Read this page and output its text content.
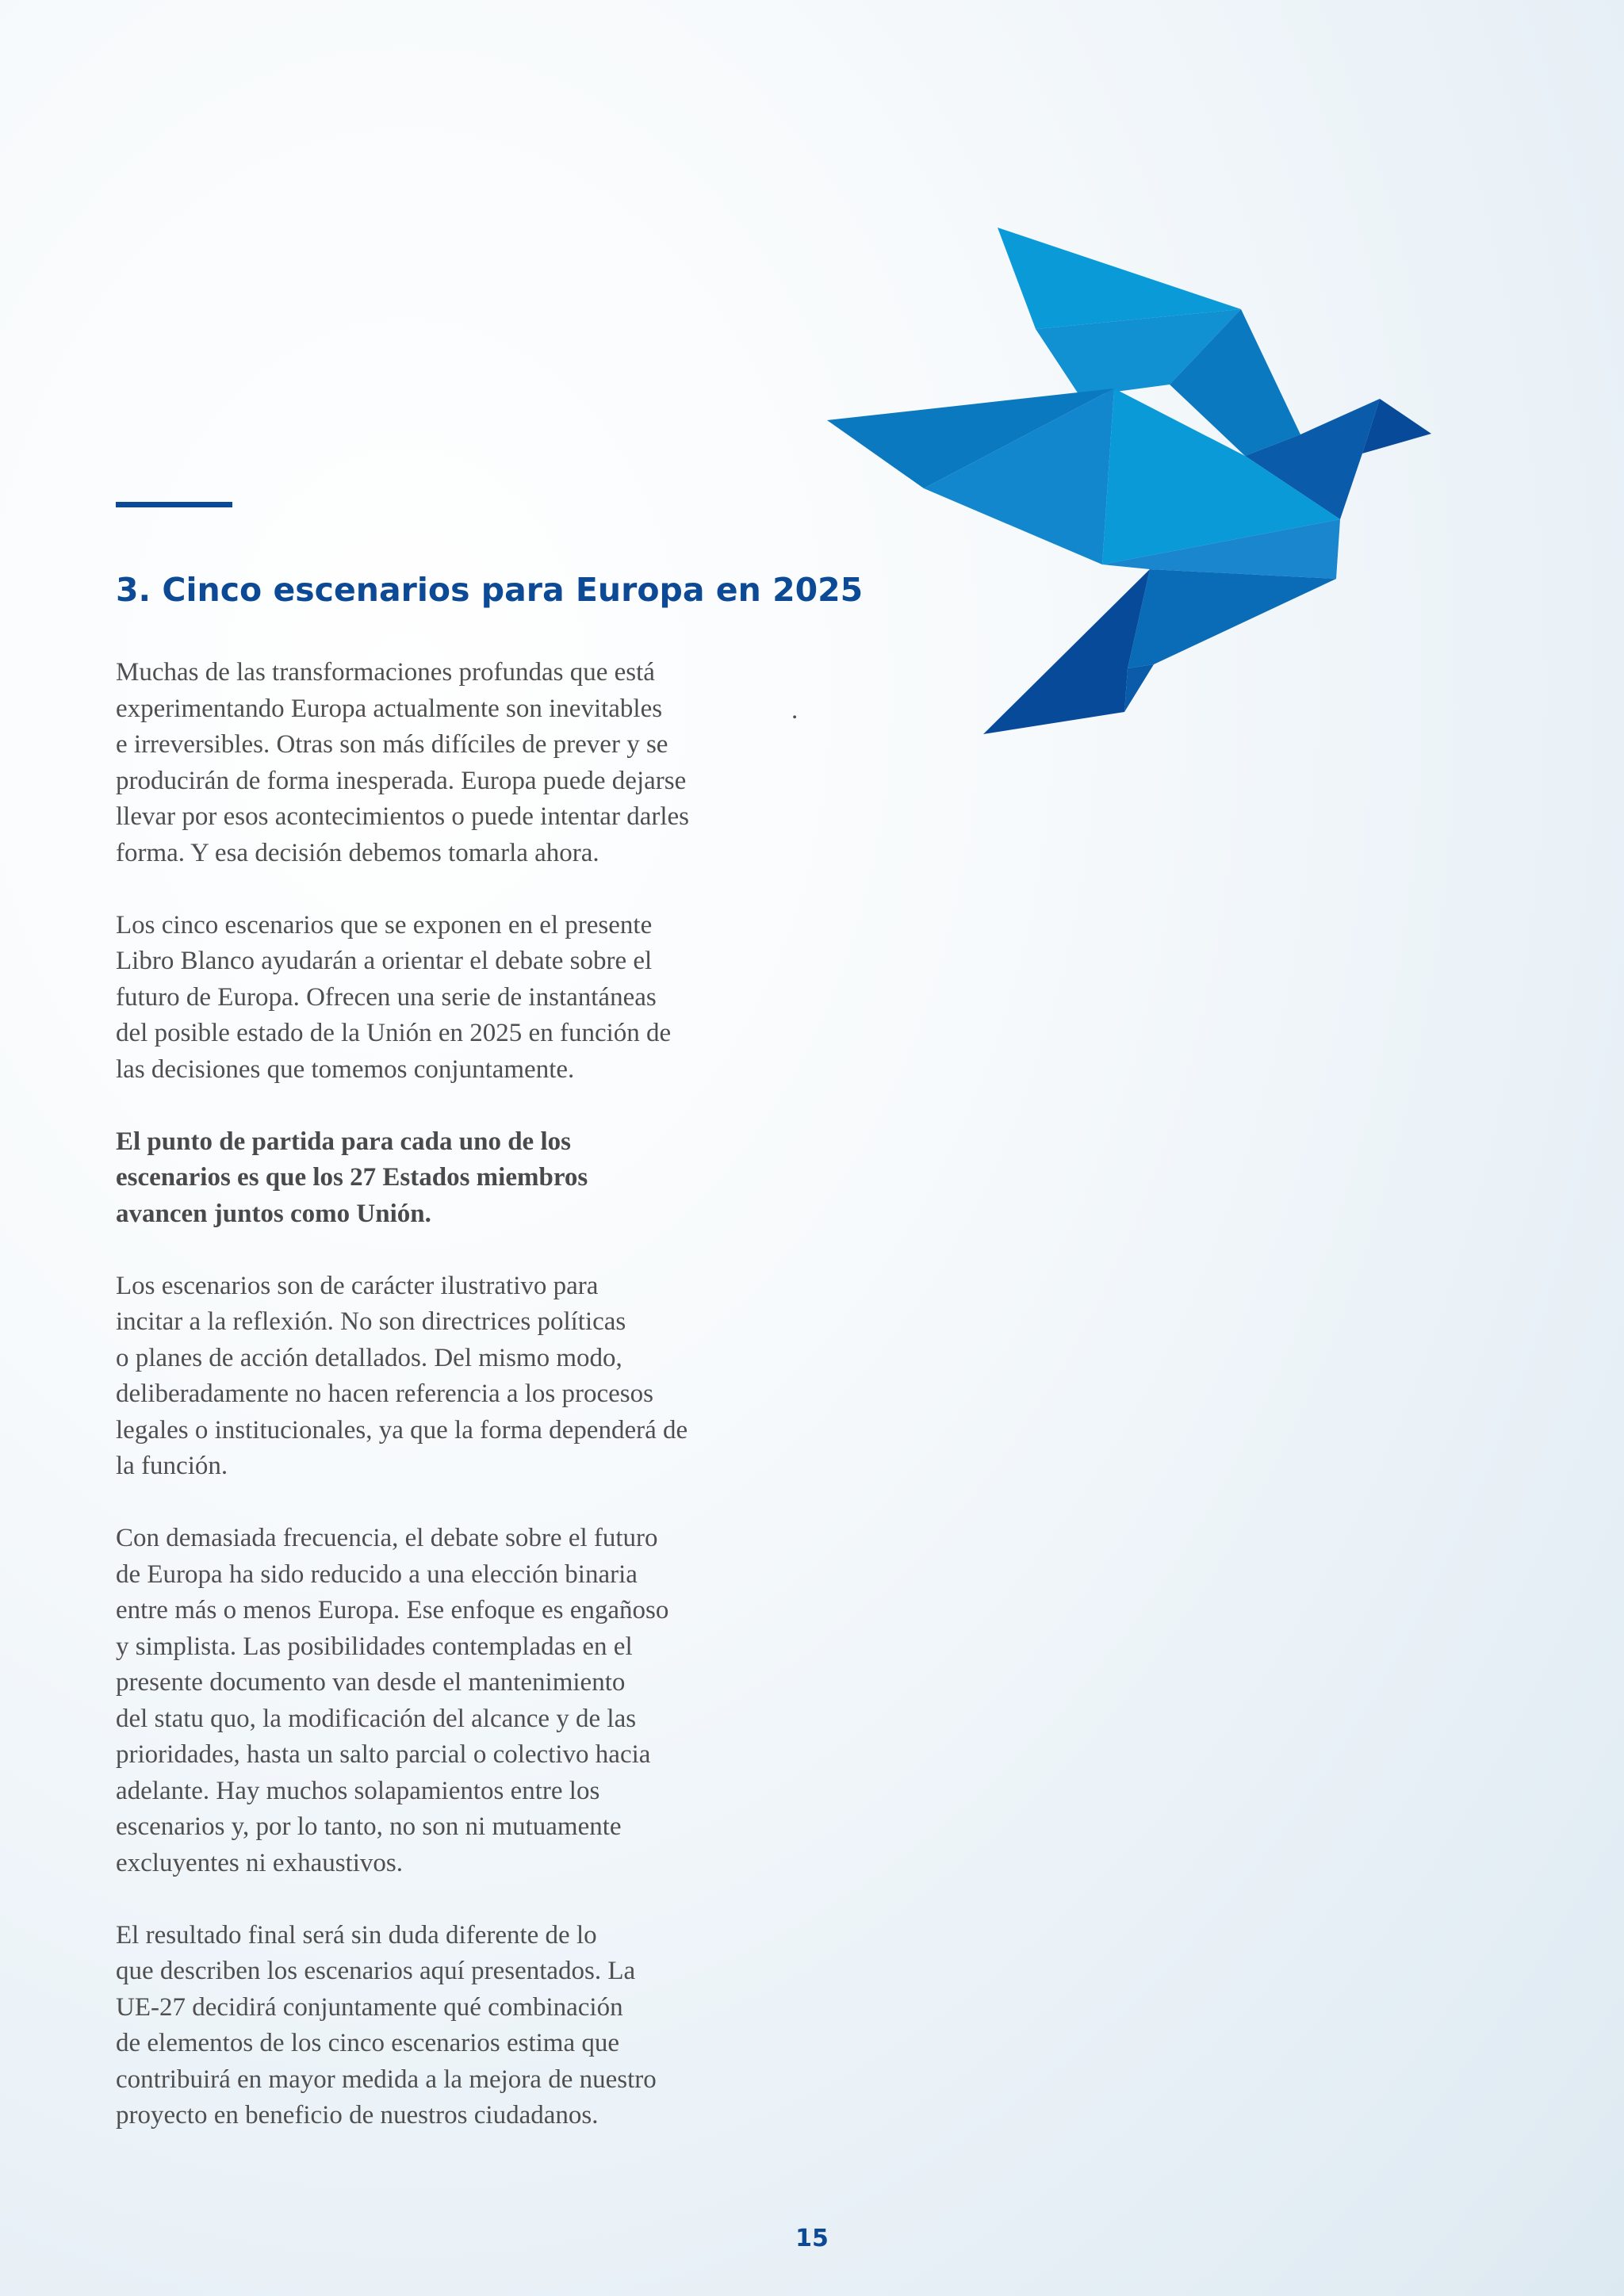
3. Cinco escenarios para Europa en 2025
.

Muchas de las transformaciones profundas que está
experimentando Europa actualmente son inevitables
e irreversibles. Otras son más difíciles de prever y se
producirán de forma inesperada. Europa puede dejarse
llevar por esos acontecimientos o puede intentar darles
forma. Y esa decisión debemos tomarla ahora.

Los cinco escenarios que se exponen en el presente
Libro Blanco ayudarán a orientar el debate sobre el
futuro de Europa. Ofrecen una serie de instantáneas
del posible estado de la Unión en 2025 en función de
las decisiones que tomemos conjuntamente.

El punto de partida para cada uno de los
escenarios es que los 27 Estados miembros
avancen juntos como Unión.

Los escenarios son de carácter ilustrativo para
incitar a la reflexión. No son directrices políticas
o planes de acción detallados. Del mismo modo,
deliberadamente no hacen referencia a los procesos
legales o institucionales, ya que la forma dependerá de
la función.

Con demasiada frecuencia, el debate sobre el futuro
de Europa ha sido reducido a una elección binaria
entre más o menos Europa. Ese enfoque es engañoso
y simplista. Las posibilidades contempladas en el
presente documento van desde el mantenimiento
del statu quo, la modificación del alcance y de las
prioridades, hasta un salto parcial o colectivo hacia
adelante. Hay muchos solapamientos entre los
escenarios y, por lo tanto, no son ni mutuamente
excluyentes ni exhaustivos.

El resultado final será sin duda diferente de lo
que describen los escenarios aquí presentados. La
UE-27 decidirá conjuntamente qué combinación
de elementos de los cinco escenarios estima que
contribuirá en mayor medida a la mejora de nuestro
proyecto en beneficio de nuestros ciudadanos.

15
